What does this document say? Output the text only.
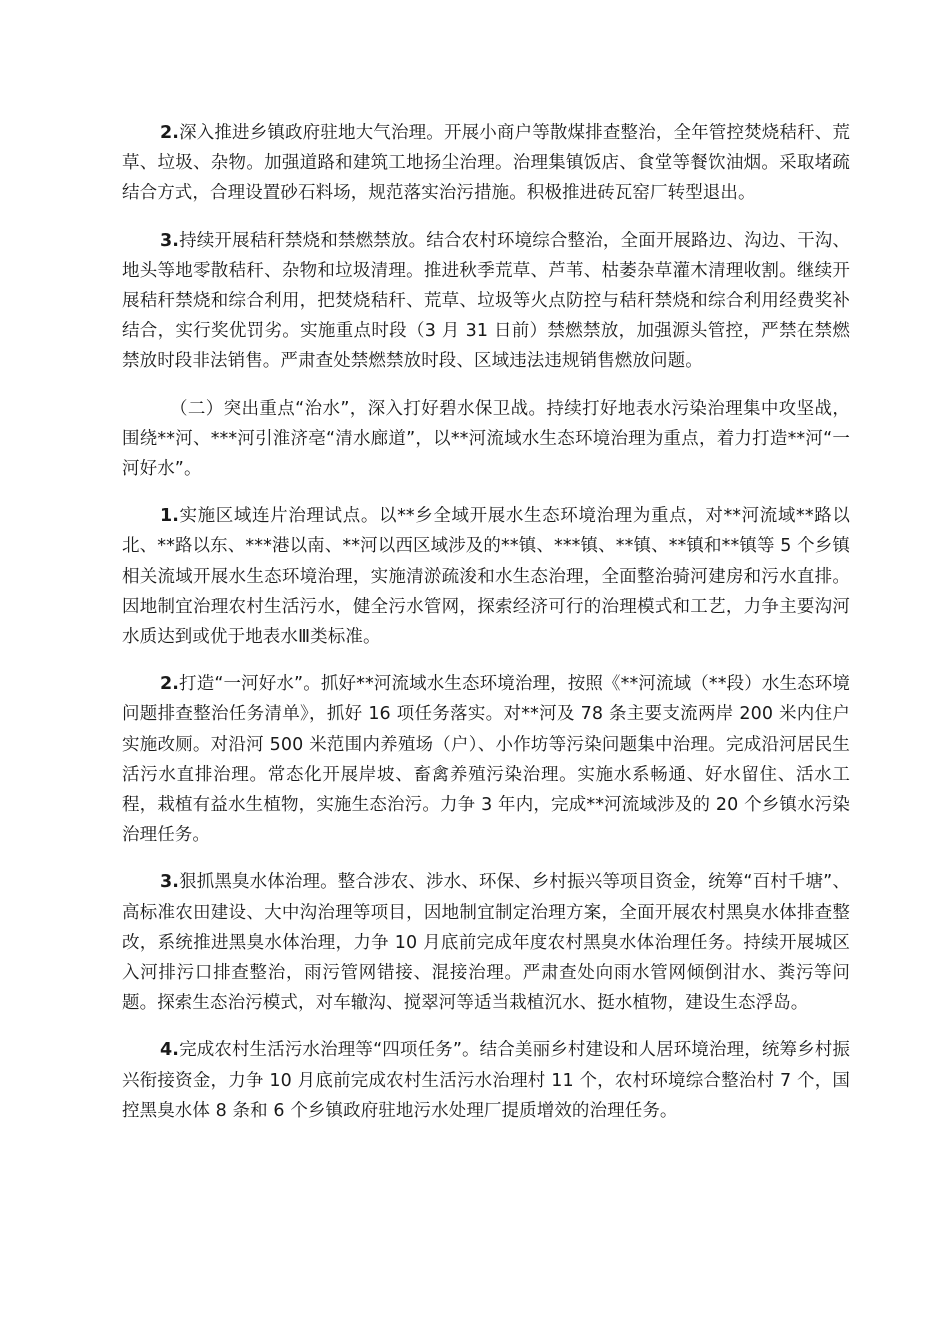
2.深入推进乡镇政府驻地大气治理。开展小商户等散煤排查整治，全年管控焚烧秸秆、荒草、垃圾、杂物。加强道路和建筑工地扬尘治理。治理集镇饭店、食堂等餐饮油烟。采取堵疏结合方式，合理设置砂石料场，规范落实治污措施。积极推进砖瓦窑厂转型退出。

3.持续开展秸秆禁烧和禁燃禁放。结合农村环境综合整治，全面开展路边、沟边、干沟、地头等地零散秸秆、杂物和垃圾清理。推进秋季荒草、芦苇、枯萎杂草灌木清理收割。继续开展秸秆禁烧和综合利用，把焚烧秸秆、荒草、垃圾等火点防控与秸秆禁烧和综合利用经费奖补结合，实行奖优罚劣。实施重点时段（3 月 31 日前）禁燃禁放，加强源头管控，严禁在禁燃禁放时段非法销售。严肃查处禁燃禁放时段、区域违法违规销售燃放问题。

（二）突出重点“治水”，深入打好碧水保卫战。持续打好地表水污染治理集中攻坚战，围绕**河、***河引淮济亳“清水廊道”，以**河流域水生态环境治理为重点，着力打造**河“一河好水”。

1.实施区域连片治理试点。以**乡全域开展水生态环境治理为重点，对**河流域**路以北、**路以东、***港以南、**河以西区域涉及的**镇、***镇、**镇、**镇和**镇等 5 个乡镇相关流域开展水生态环境治理，实施清淤疏浚和水生态治理，全面整治骑河建房和污水直排。因地制宜治理农村生活污水，健全污水管网，探索经济可行的治理模式和工艺，力争主要沟河水质达到或优于地表水Ⅲ类标准。

2.打造“一河好水”。抓好**河流域水生态环境治理，按照《**河流域（**段）水生态环境问题排查整治任务清单》，抓好 16 项任务落实。对**河及 78 条主要支流两岸 200 米内住户实施改厕。对沿河 500 米范围内养殖场（户）、小作坊等污染问题集中治理。完成沿河居民生活污水直排治理。常态化开展岸坡、畜禽养殖污染治理。实施水系畅通、好水留住、活水工程，栽植有益水生植物，实施生态治污。力争 3 年内，完成**河流域涉及的 20 个乡镇水污染治理任务。

3.狠抓黑臭水体治理。整合涉农、涉水、环保、乡村振兴等项目资金，统筹“百村千塘”、高标准农田建设、大中沟治理等项目，因地制宜制定治理方案，全面开展农村黑臭水体排查整改，系统推进黑臭水体治理，力争 10 月底前完成年度农村黑臭水体治理任务。持续开展城区入河排污口排查整治，雨污管网错接、混接治理。严肃查处向雨水管网倾倒泔水、粪污等问题。探索生态治污模式，对车辙沟、搅翠河等适当栽植沉水、挺水植物，建设生态浮岛。

4.完成农村生活污水治理等“四项任务”。结合美丽乡村建设和人居环境治理，统筹乡村振兴衔接资金，力争 10 月底前完成农村生活污水治理村 11 个，农村环境综合整治村 7 个，国控黑臭水体 8 条和 6 个乡镇政府驻地污水处理厂提质增效的治理任务。
